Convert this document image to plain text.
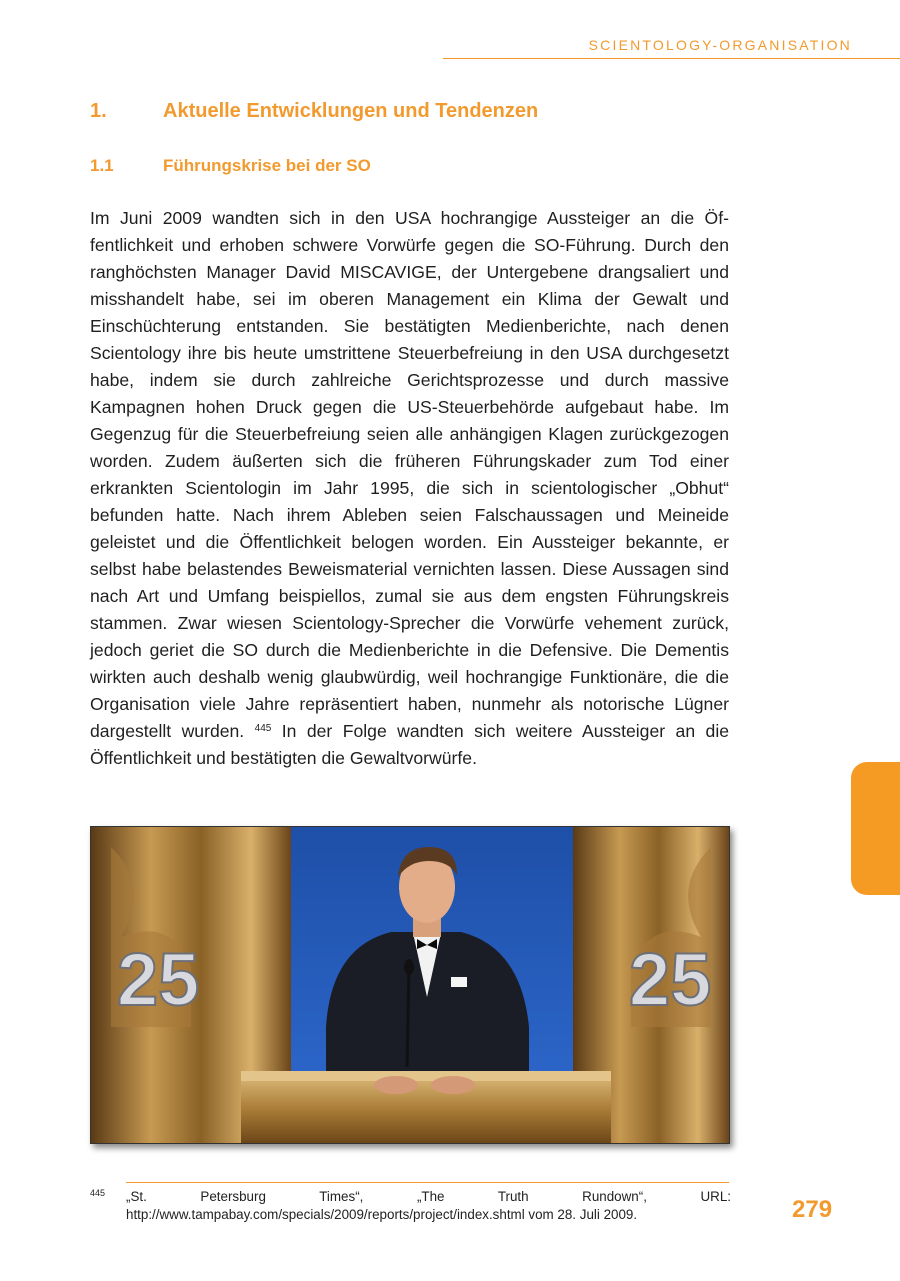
SCIENTOLOGY-ORGANISATION
1.	Aktuelle Entwicklungen und Tendenzen
1.1	Führungskrise bei der SO

Im Juni 2009 wandten sich in den USA hochrangige Aussteiger an die Öffentlichkeit und erhoben schwere Vorwürfe gegen die SO-Führung. Durch den ranghöchsten Manager David MISCAVIGE, der Untergebene drangsaliert und misshandelt habe, sei im oberen Management ein Klima der Gewalt und Einschüchterung entstanden. Sie bestätigten Medienberichte, nach denen Scientology ihre bis heute umstrittene Steuerbefreiung in den USA durchgesetzt habe, indem sie durch zahlreiche Gerichtsprozesse und durch massive Kampagnen hohen Druck gegen die US-Steuerbehörde aufgebaut habe. Im Gegenzug für die Steuerbefreiung seien alle anhängigen Klagen zurückgezogen worden. Zudem äußerten sich die früheren Führungskader zum Tod einer erkrankten Scientologin im Jahr 1995, die sich in scientologischer „Obhut“ befunden hatte. Nach ihrem Ableben seien Falschaussagen und Meineide geleistet und die Öffentlichkeit belogen worden. Ein Aussteiger bekannte, er selbst habe belastendes Beweismaterial vernichten lassen. Diese Aussagen sind nach Art und Umfang beispiellos, zumal sie aus dem engsten Führungskreis stammen. Zwar wiesen Scientology-Sprecher die Vorwürfe vehement zurück, jedoch geriet die SO durch die Medienberichte in die Defensive. Die Dementis wirkten auch deshalb wenig glaubwürdig, weil hochrangige Funktionäre, die die Organisation viele Jahre repräsentiert haben, nunmehr als notorische Lügner dargestellt wurden. $^{445}$ In der Folge wandten sich weitere Aussteiger an die Öffentlichkeit und bestätigten die Gewaltvorwürfe.

25	25
445 „St. Petersburg Times“, „The Truth Rundown“, URL: http://www.tampabay.com/specials/2009/reports/project/index.shtml vom 28. Juli 2009.	279
